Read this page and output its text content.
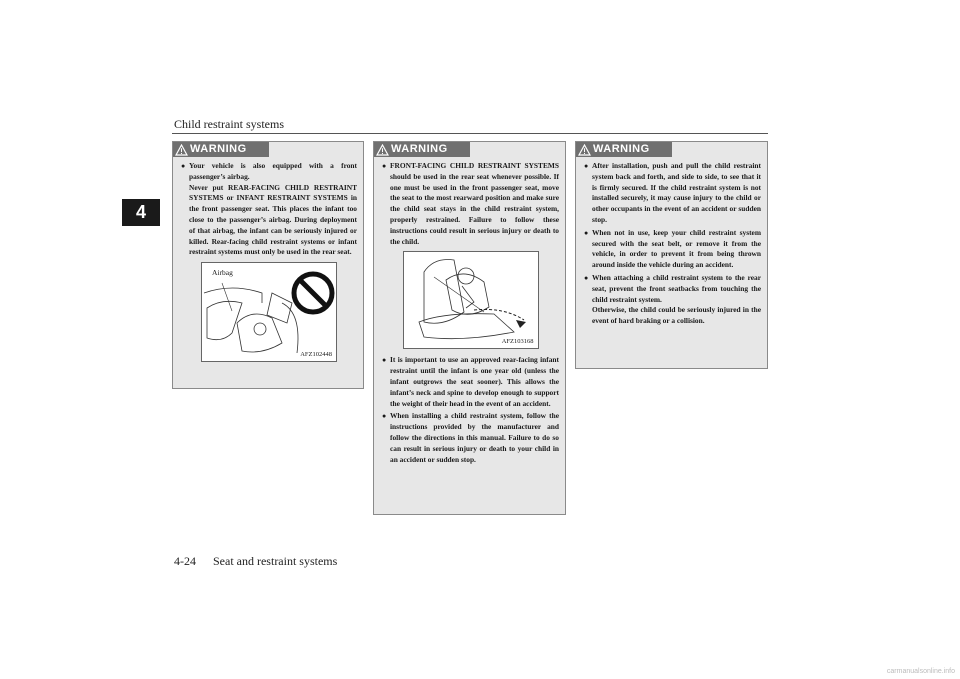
Child restraint systems
4
WARNING
● Your vehicle is also equipped with a front passenger’s airbag.

Never put REAR-FACING CHILD RESTRAINT SYSTEMS or INFANT RESTRAINT SYSTEMS in the front passenger seat. This places the infant too close to the passenger’s airbag. During deployment of that airbag, the infant can be seriously injured or killed. Rear-facing child restraint systems or infant restraint systems must only be used in the rear seat.

Airbag
AFZ102448
WARNING
● FRONT-FACING CHILD RESTRAINT SYSTEMS should be used in the rear seat whenever possible. If one must be used in the front passenger seat, move the seat to the most rearward position and make sure the child seat stays in the child restraint system, properly restrained. Failure to follow these instructions could result in serious injury or death to the child.

AFZ103168
● It is important to use an approved rear-facing infant restraint until the infant is one year old (unless the infant outgrows the seat sooner). This allows the infant’s neck and spine to develop enough to support the weight of their head in the event of an accident.

● When installing a child restraint system, follow the instructions provided by the manufacturer and follow the directions in this manual. Failure to do so can result in serious injury or death to your child in an accident or sudden stop.

WARNING
● After installation, push and pull the child restraint system back and forth, and side to side, to see that it is firmly secured. If the child restraint system is not installed securely, it may cause injury to the child or other occupants in the event of an accident or sudden stop.

● When not in use, keep your child restraint system secured with the seat belt, or remove it from the vehicle, in order to prevent it from being thrown around inside the vehicle during an accident.

● When attaching a child restraint system to the rear seat, prevent the front seatbacks from touching the child restraint system.

Otherwise, the child could be seriously injured in the event of hard braking or a collision.

4-24 Seat and restraint systems
carmanualsonline.info
